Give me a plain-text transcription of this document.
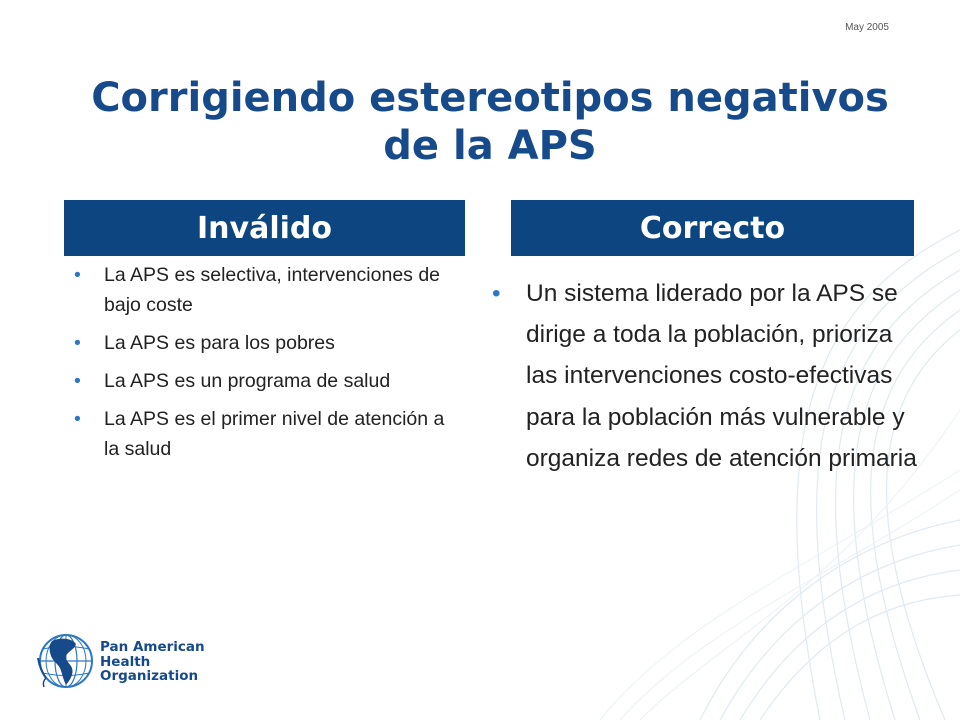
May 2005
Corrigiendo estereotipos negativos
de la APS
Inválido	Correcto
• La APS es selectiva, intervenciones de bajo coste
• La APS es para los pobres
• La APS es un programa de salud
• La APS es el primer nivel de atención a la salud
• Un sistema liderado por la APS se dirige a toda la población, prioriza las intervenciones costo-efectivas para la población más vulnerable y organiza redes de atención primaria
Pan American
Health
Organization
